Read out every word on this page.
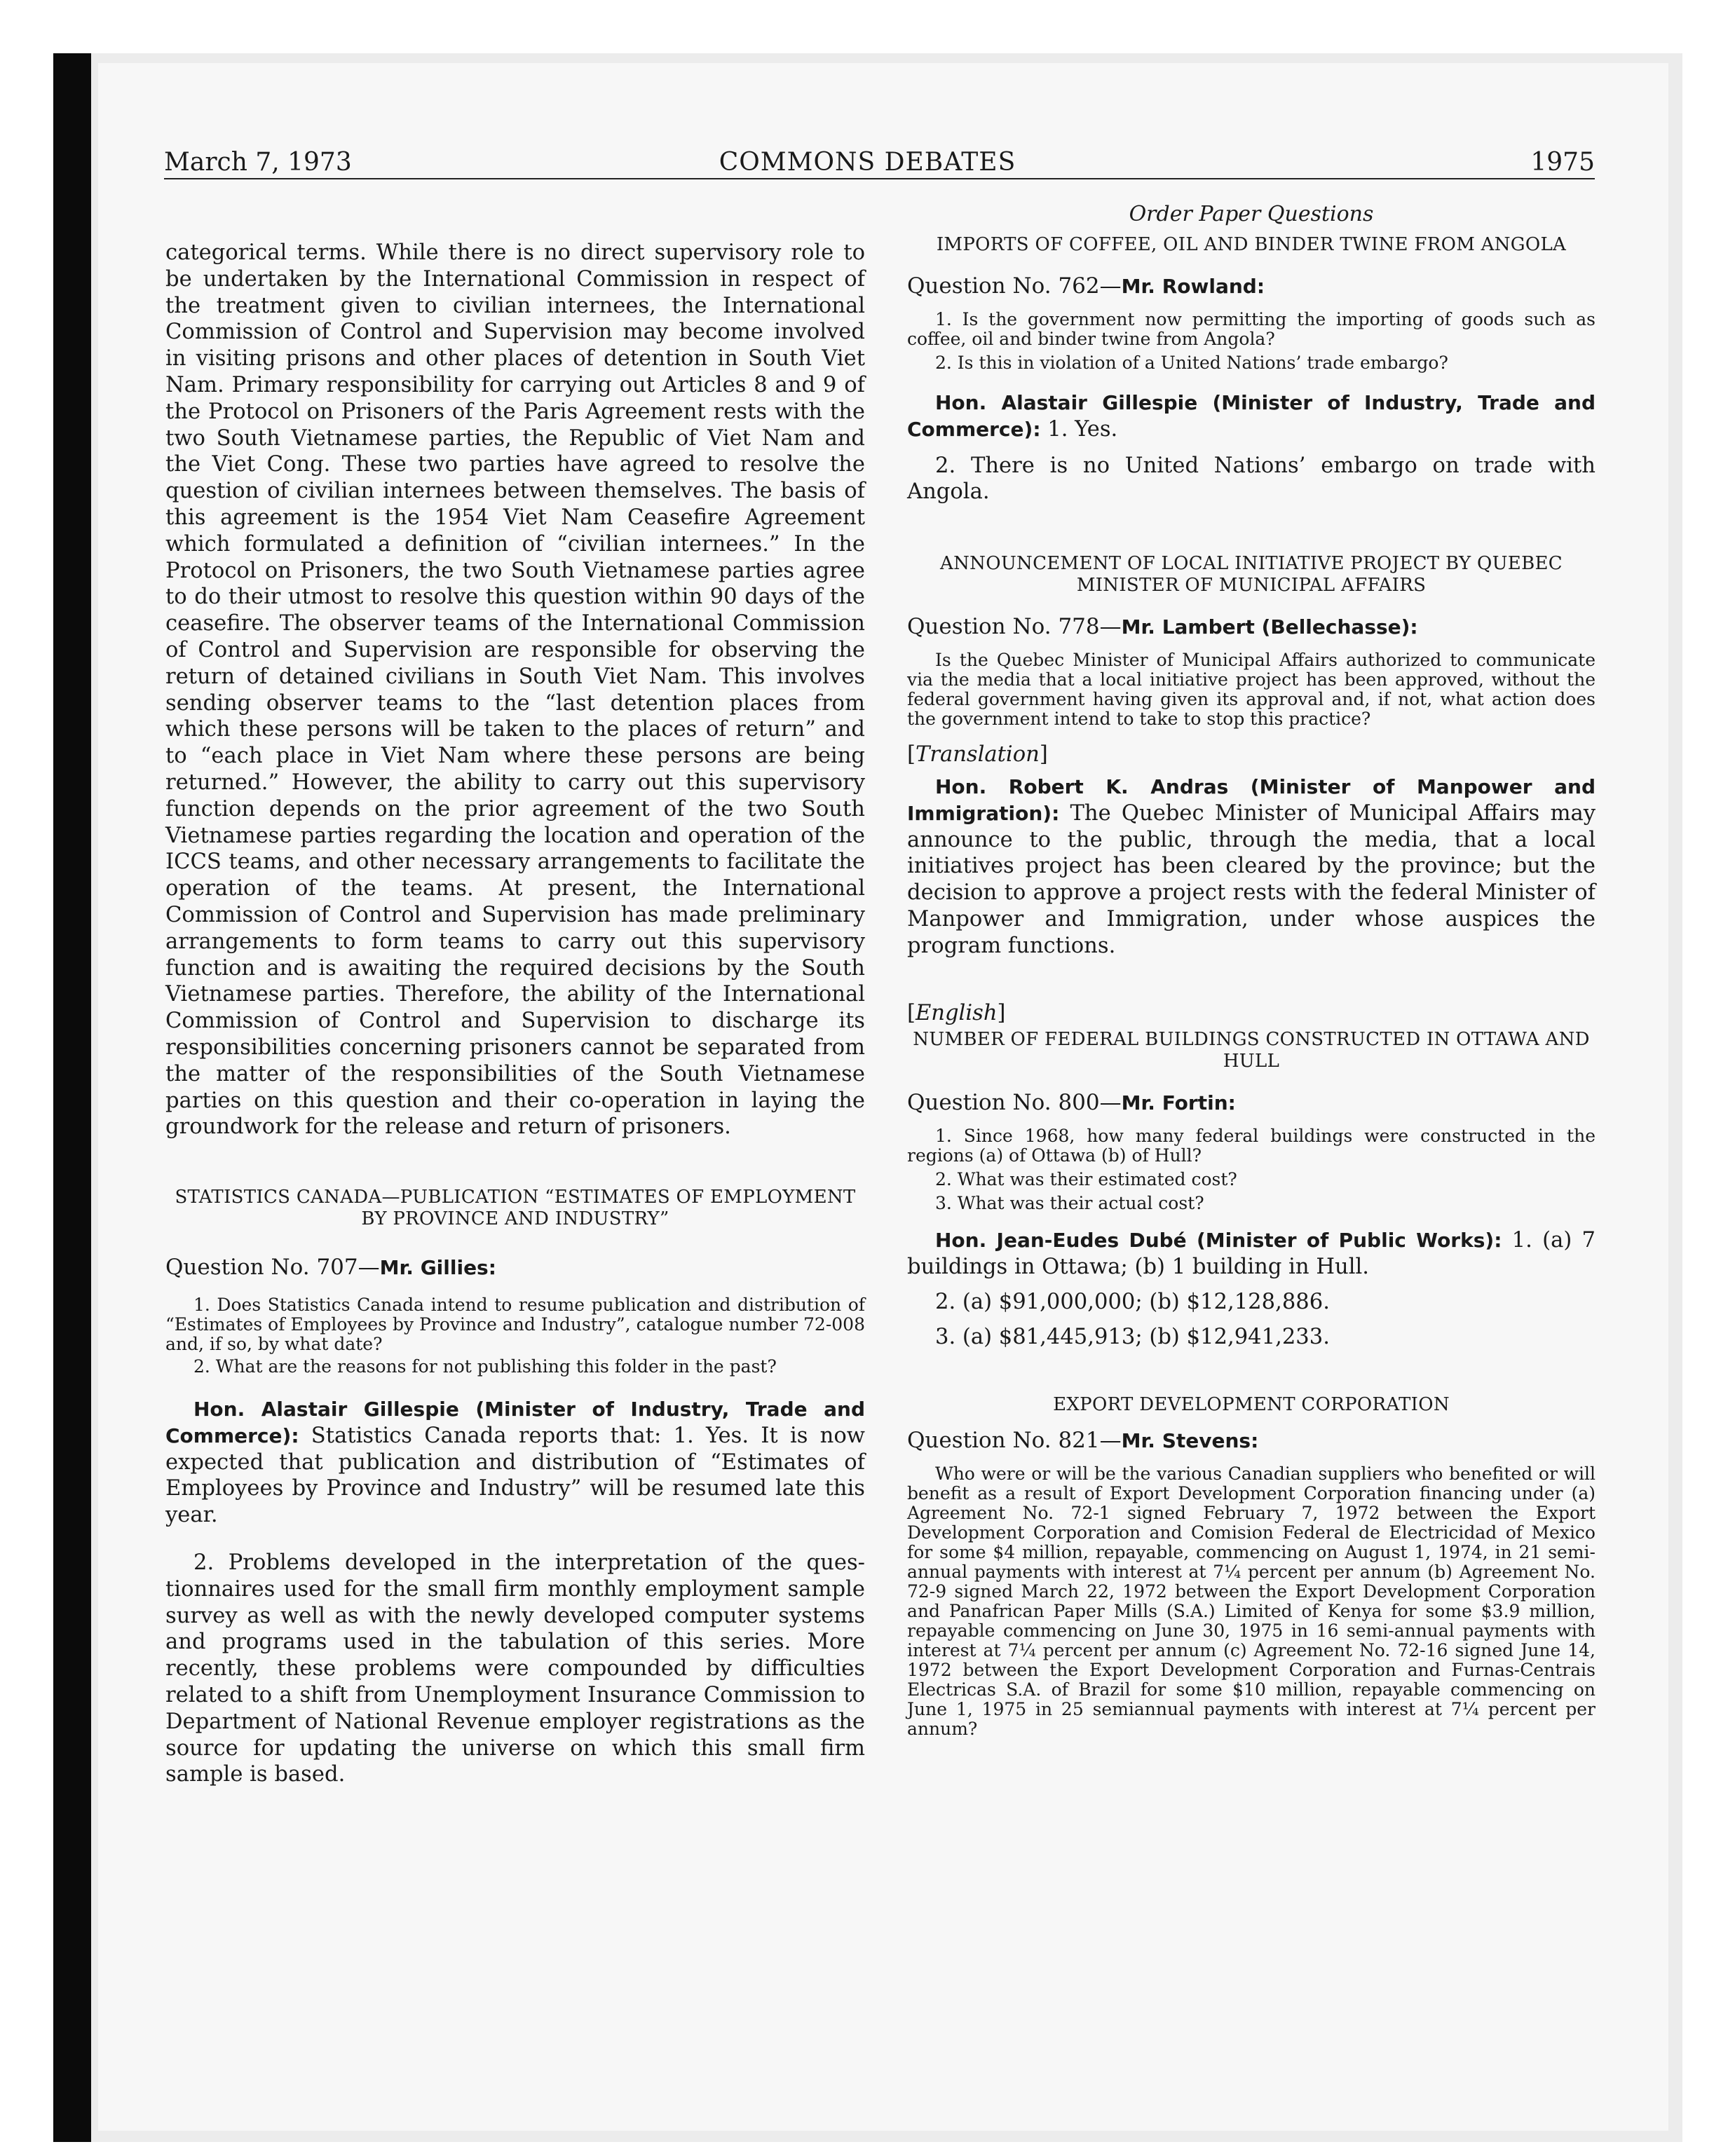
March 7, 1973	COMMONS DEBATES	1975

categorical terms. While there is no direct supervisory role to be undertaken by the International Commission in respect of the treatment given to civilian internees, the International Commission of Control and Supervision may become involved in visiting prisons and other places of detention in South Viet Nam. Primary responsibility for carrying out Articles 8 and 9 of the Protocol on Prisoners of the Paris Agreement rests with the two South Vietnamese parties, the Republic of Viet Nam and the Viet Cong. These two parties have agreed to resolve the question of civilian internees between themselves. The basis of this agreement is the 1954 Viet Nam Ceasefire Agreement which formulated a definition of “civilian internees.” In the Protocol on Prisoners, the two South Vietnamese parties agree to do their utmost to resolve this question within 90 days of the ceasefire. The observer teams of the International Commission of Control and Supervision are responsible for observing the return of detained civilians in South Viet Nam. This involves sending observer teams to the “last detention places from which these persons will be taken to the places of return” and to “each place in Viet Nam where these persons are being returned.” However, the ability to carry out this supervisory function depends on the prior agreement of the two South Vietnamese parties regarding the location and operation of the ICCS teams, and other necessary arrangements to facilitate the operation of the teams. At present, the International Commission of Control and Supervision has made preliminary arrangements to form teams to carry out this supervisory function and is awaiting the required decisions by the South Vietnamese parties. Therefore, the ability of the International Commission of Control and Supervision to discharge its responsibilities concerning prisoners cannot be separated from the matter of the responsibilities of the South Vietnamese parties on this question and their co-operation in laying the groundwork for the release and return of prisoners.

STATISTICS CANADA—PUBLICATION “ESTIMATES OF EMPLOYMENT BY PROVINCE AND INDUSTRY”

Question No. 707—Mr. Gillies:

1. Does Statistics Canada intend to resume publication and distribution of “Estimates of Employees by Province and Industry”, catalogue number 72-008 and, if so, by what date?

2. What are the reasons for not publishing this folder in the past?

Hon. Alastair Gillespie (Minister of Industry, Trade and Commerce): Statistics Canada reports that: 1. Yes. It is now expected that publication and distribution of “Estimates of Employees by Province and Industry” will be resumed late this year.

2. Problems developed in the interpretation of the questionnaires used for the small firm monthly employment sample survey as well as with the newly developed computer systems and programs used in the tabulation of this series. More recently, these problems were compounded by difficulties related to a shift from Unemployment Insurance Commission to Department of National Revenue employer registrations as the source for updating the universe on which this small firm sample is based.

Order Paper Questions

IMPORTS OF COFFEE, OIL AND BINDER TWINE FROM ANGOLA

Question No. 762—Mr. Rowland:

1. Is the government now permitting the importing of goods such as coffee, oil and binder twine from Angola?

2. Is this in violation of a United Nations’ trade embargo?

Hon. Alastair Gillespie (Minister of Industry, Trade and Commerce): 1. Yes.

2. There is no United Nations’ embargo on trade with Angola.

ANNOUNCEMENT OF LOCAL INITIATIVE PROJECT BY QUEBEC MINISTER OF MUNICIPAL AFFAIRS

Question No. 778—Mr. Lambert (Bellechasse):

Is the Quebec Minister of Municipal Affairs authorized to communicate via the media that a local initiative project has been approved, without the federal government having given its approval and, if not, what action does the government intend to take to stop this practice?

[Translation]

Hon. Robert K. Andras (Minister of Manpower and Immigration): The Quebec Minister of Municipal Affairs may announce to the public, through the media, that a local initiatives project has been cleared by the province; but the decision to approve a project rests with the federal Minister of Manpower and Immigration, under whose auspices the program functions.

[English]

NUMBER OF FEDERAL BUILDINGS CONSTRUCTED IN OTTAWA AND HULL

Question No. 800—Mr. Fortin:

1. Since 1968, how many federal buildings were constructed in the regions (a) of Ottawa (b) of Hull?

2. What was their estimated cost?

3. What was their actual cost?

Hon. Jean-Eudes Dubé (Minister of Public Works): 1. (a) 7 buildings in Ottawa; (b) 1 building in Hull.

2. (a) $91,000,000; (b) $12,128,886.

3. (a) $81,445,913; (b) $12,941,233.

EXPORT DEVELOPMENT CORPORATION

Question No. 821—Mr. Stevens:

Who were or will be the various Canadian suppliers who benefited or will benefit as a result of Export Development Corporation financing under (a) Agreement No. 72-1 signed February 7, 1972 between the Export Development Corporation and Comision Federal de Electricidad of Mexico for some $4 million, repayable, commencing on August 1, 1974, in 21 semi-annual payments with interest at 7¼ percent per annum (b) Agreement No. 72-9 signed March 22, 1972 between the Export Development Corporation and Panafrican Paper Mills (S.A.) Limited of Kenya for some $3.9 million, repayable commencing on June 30, 1975 in 16 semi-annual payments with interest at 7¼ percent per annum (c) Agreement No. 72-16 signed June 14, 1972 between the Export Development Corporation and Furnas-Centrais Electricas S.A. of Brazil for some $10 million, repayable commencing on June 1, 1975 in 25 semiannual payments with interest at 7¼ percent per annum?
